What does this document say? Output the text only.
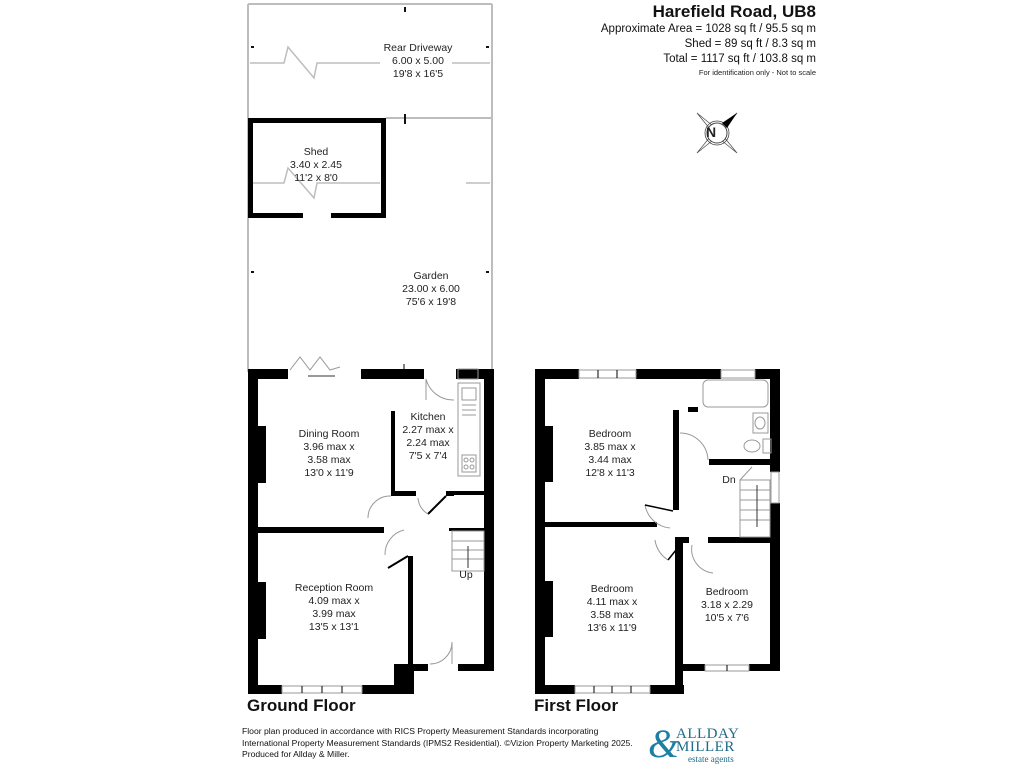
Harefield Road, UB8
Approximate Area = 1028 sq ft / 95.5 sq m
Shed = 89 sq ft / 8.3 sq m
Total = 1117 sq ft / 103.8 sq m
For identification only - Not to scale
N
Rear Driveway
6.00 x 5.00
19'8 x 16'5
Shed
3.40 x 2.45
11'2 x 8'0
Garden
23.00 x 6.00
75'6 x 19'8
Dining Room
3.96 max x
3.58 max
13'0 x 11'9
Kitchen
2.27 max x
2.24 max
7'5 x 7'4
Reception Room
4.09 max x
3.99 max
13'5 x 13'1
Up
Bedroom
3.85 max x
3.44 max
12'8 x 11'3
Bedroom
4.11 max x
3.58 max
13'6 x 11'9
Bedroom
3.18 x 2.29
10'5 x 7'6
Dn
Ground Floor	First Floor
Floor plan produced in accordance with RICS Property Measurement Standards incorporating
International Property Measurement Standards (IPMS2 Residential). ©Vizion Property Marketing 2025.
Produced for Allday & Miller.	&
ALLDAY
MILLER
estate agents
